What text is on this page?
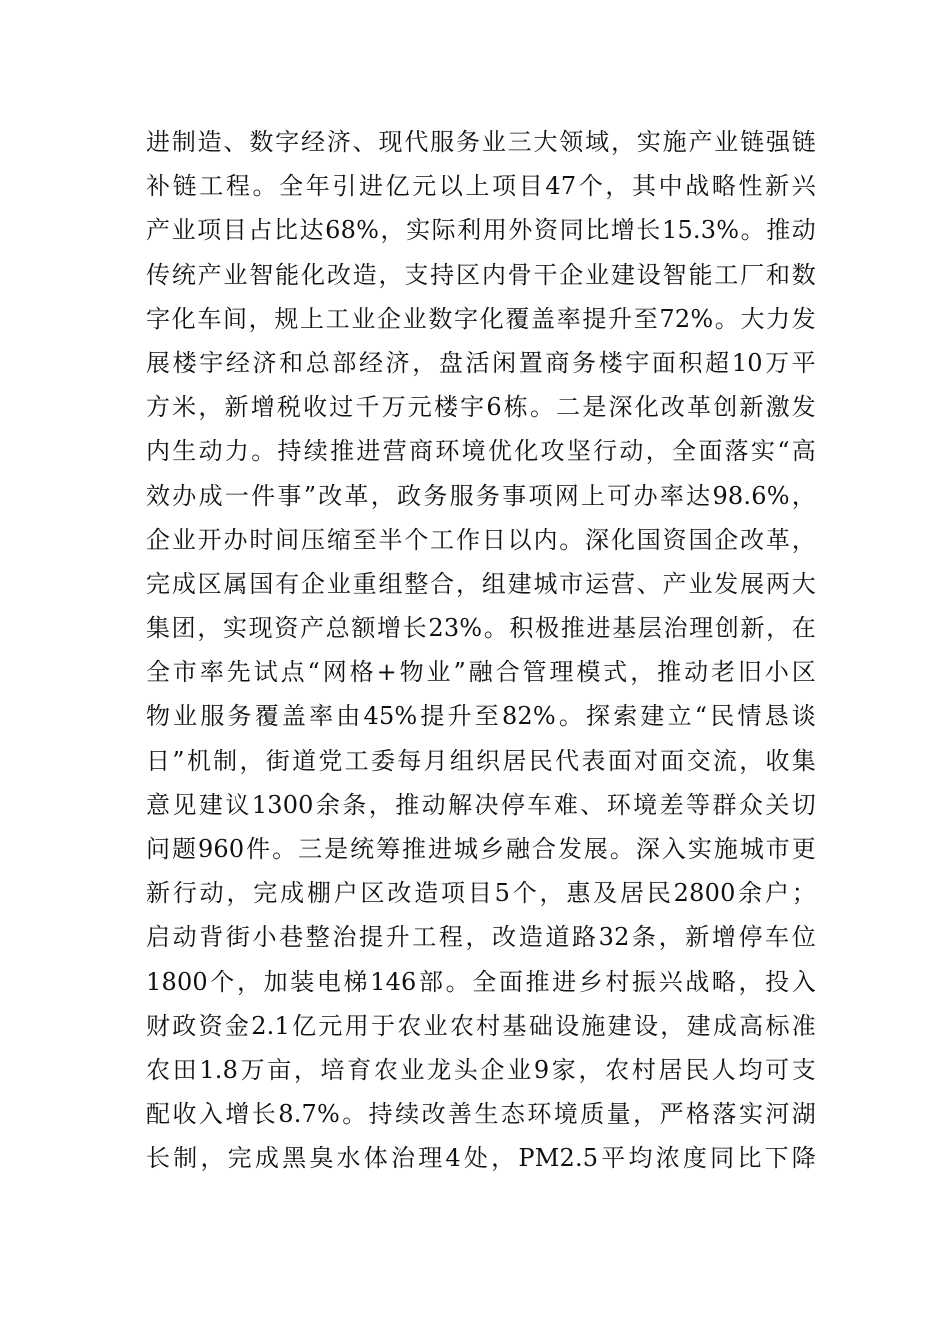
进制造、数字经济、现代服务业三大领域，实施产业链强链
补链工程。全年引进亿元以上项目47个，其中战略性新兴
产业项目占比达68%，实际利用外资同比增长15.3%。推动
传统产业智能化改造，支持区内骨干企业建设智能工厂和数
字化车间，规上工业企业数字化覆盖率提升至72%。大力发
展楼宇经济和总部经济，盘活闲置商务楼宇面积超10万平
方米，新增税收过千万元楼宇6栋。二是深化改革创新激发
内生动力。持续推进营商环境优化攻坚行动，全面落实“高
效办成一件事”改革，政务服务事项网上可办率达98.6%，
企业开办时间压缩至半个工作日以内。深化国资国企改革，
完成区属国有企业重组整合，组建城市运营、产业发展两大
集团，实现资产总额增长23%。积极推进基层治理创新，在
全市率先试点“网格+物业”融合管理模式，推动老旧小区
物业服务覆盖率由45%提升至82%。探索建立“民情恳谈
日”机制，街道党工委每月组织居民代表面对面交流，收集
意见建议1300余条，推动解决停车难、环境差等群众关切
问题960件。三是统筹推进城乡融合发展。深入实施城市更
新行动，完成棚户区改造项目5个，惠及居民2800余户；
启动背街小巷整治提升工程，改造道路32条，新增停车位
1800个，加装电梯146部。全面推进乡村振兴战略，投入
财政资金2.1亿元用于农业农村基础设施建设，建成高标准
农田1.8万亩，培育农业龙头企业9家，农村居民人均可支
配收入增长8.7%。持续改善生态环境质量，严格落实河湖
长制，完成黑臭水体治理4处，PM2.5平均浓度同比下降
